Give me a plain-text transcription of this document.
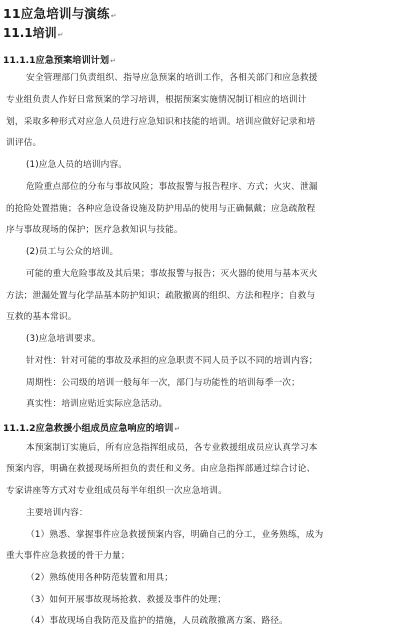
11应急培训与演练↵
11.1培训↵
11.1.1应急预案培训计划↵
安全管理部门负责组织、指导应急预案的培训工作，各相关部门和应急救援
专业组负责人作好日常预案的学习培训，根据预案实施情况制订相应的培训计
划，采取多种形式对应急人员进行应急知识和技能的培训。培训应做好记录和培
训评估。
(1)应急人员的培训内容。
危险重点部位的分布与事故风险；事故报警与报告程序、方式；火灾、泄漏
的抢险处置措施；各种应急设备设施及防护用品的使用与正确佩戴；应急疏散程
序与事故现场的保护；医疗急救知识与技能。
(2)员工与公众的培训。
可能的重大危险事故及其后果；事故报警与报告；灭火器的使用与基本灭火
方法；泄漏处置与化学品基本防护知识；疏散撤离的组织、方法和程序；自救与
互救的基本常识。
(3)应急培训要求。
针对性：针对可能的事故及承担的应急职责不同人员予以不同的培训内容；
周期性：公司级的培训一般每年一次，部门与功能性的培训每季一次；
真实性：培训应贴近实际应急活动。
11.1.2应急救援小组成员应急响应的培训↵
本预案制订实施后，所有应急指挥组成员，各专业救援组成员应认真学习本
预案内容，明确在救援现场所担负的责任和义务。由应急指挥部通过综合讨论、
专家讲座等方式对专业组成员每半年组织一次应急培训。
主要培训内容：
（1）熟悉、掌握事件应急救援预案内容，明确自己的分工，业务熟练，成为
重大事件应急救援的骨干力量；
（2）熟练使用各种防范装置和用具；
（3）如何开展事故现场抢救、救援及事件的处理；
（4）事故现场自我防范及监护的措施，人员疏散撤离方案、路径。
